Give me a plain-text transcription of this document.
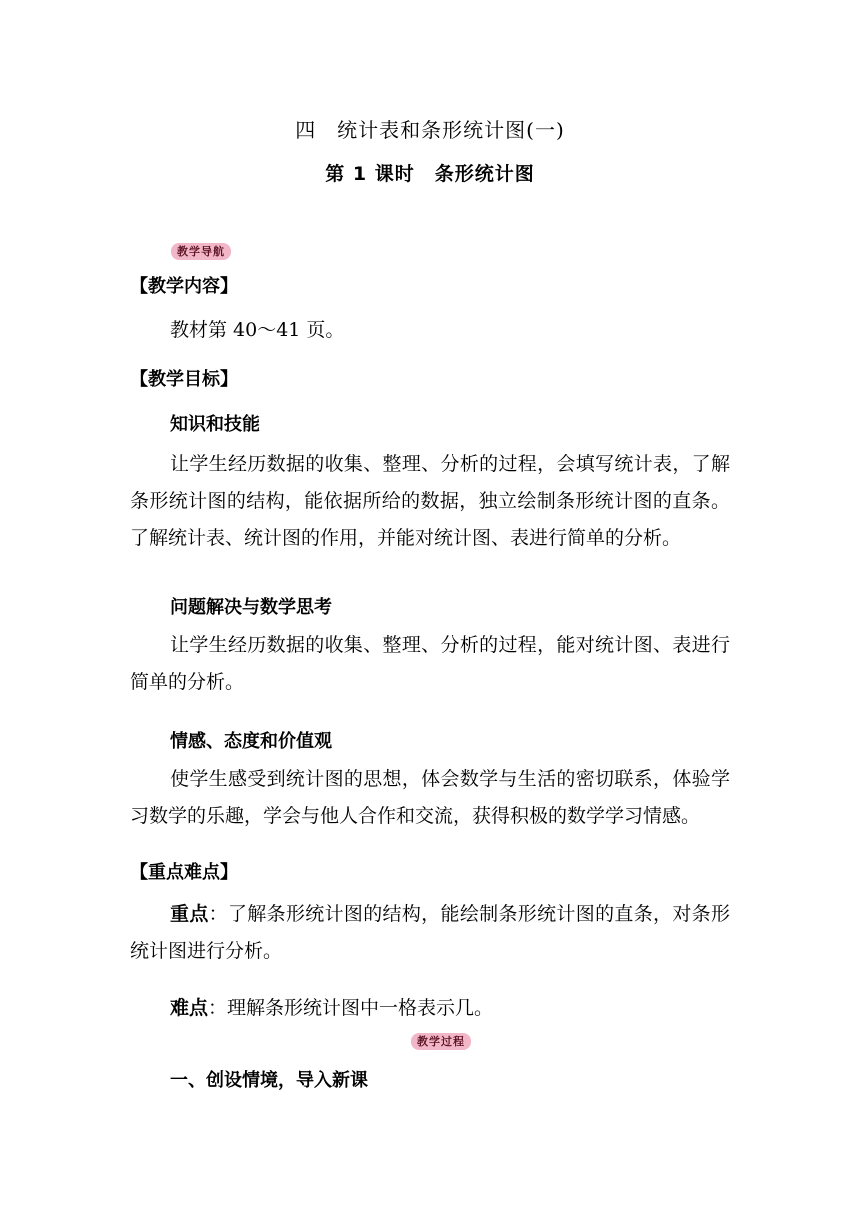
四　统计表和条形统计图(一)
第 1 课时　条形统计图
教学导航
【教学内容】
教材第 40～41 页。
【教学目标】
知识和技能
让学生经历数据的收集、整理、分析的过程，会填写统计表，了解条形统计图的结构，能依据所给的数据，独立绘制条形统计图的直条。了解统计表、统计图的作用，并能对统计图、表进行简单的分析。
问题解决与数学思考
让学生经历数据的收集、整理、分析的过程，能对统计图、表进行简单的分析。
情感、态度和价值观
使学生感受到统计图的思想，体会数学与生活的密切联系，体验学习数学的乐趣，学会与他人合作和交流，获得积极的数学学习情感。
【重点难点】
重点：了解条形统计图的结构，能绘制条形统计图的直条，对条形统计图进行分析。
难点：理解条形统计图中一格表示几。
教学过程
一、创设情境，导入新课
